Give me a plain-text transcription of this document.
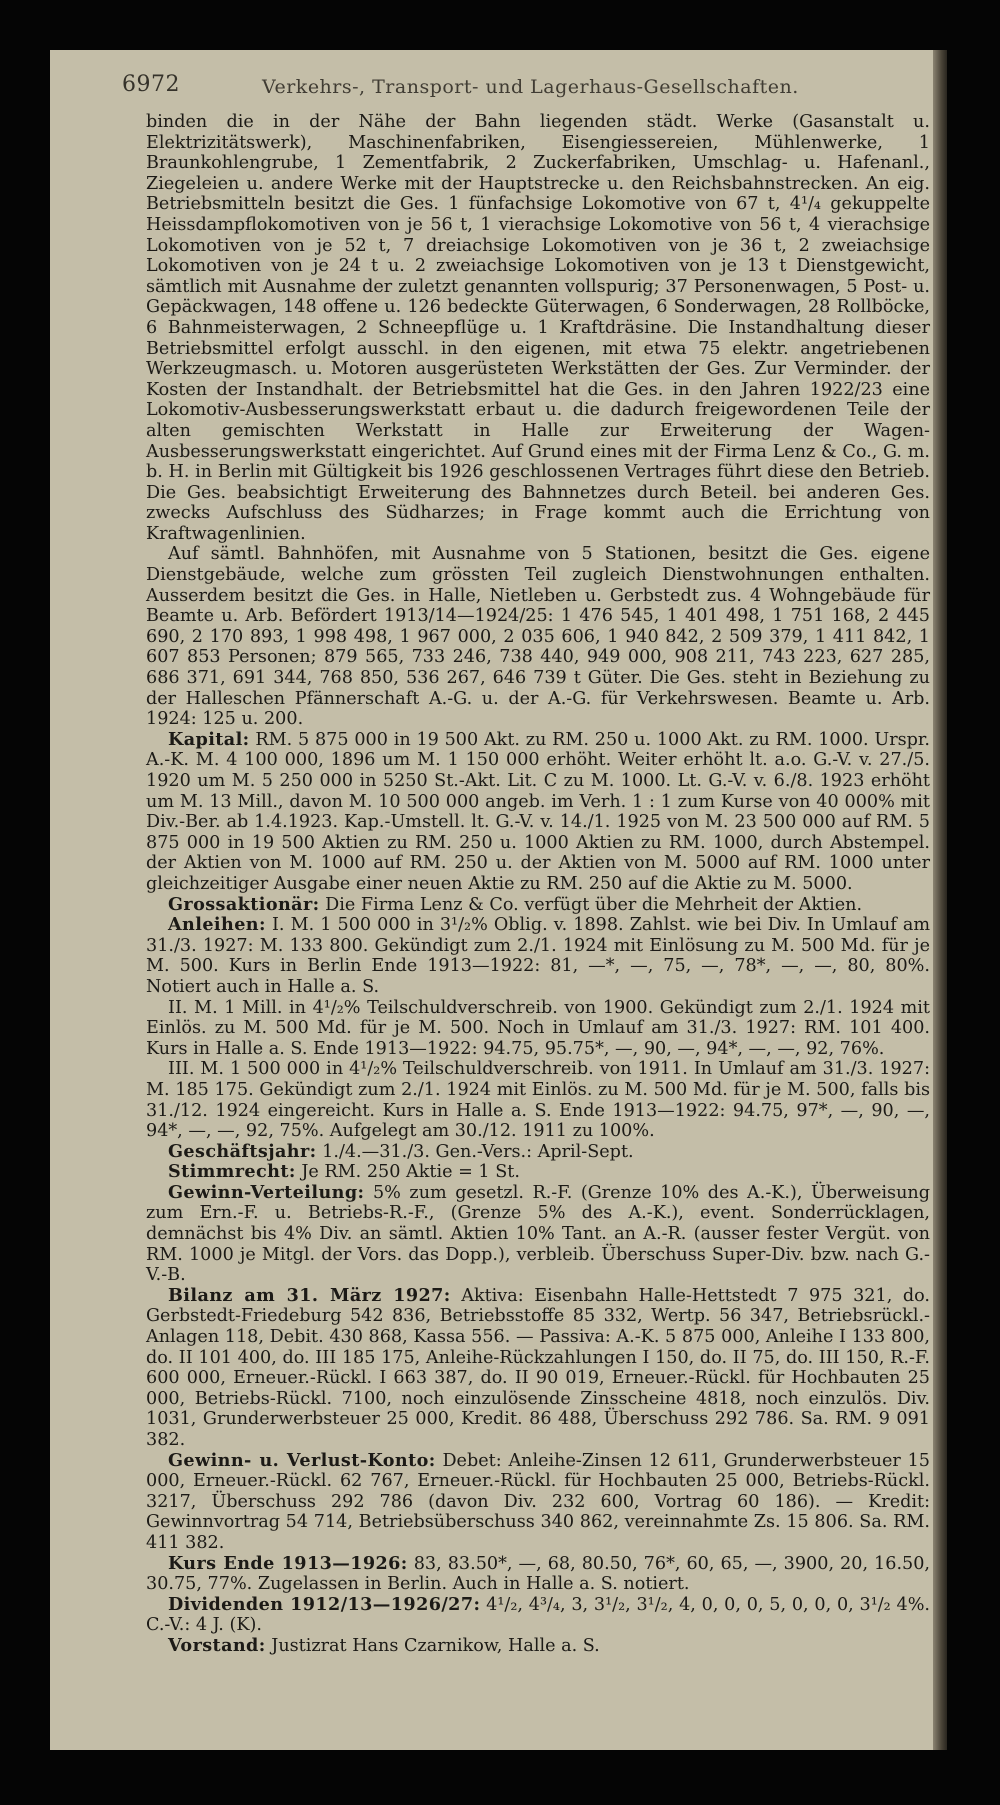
6972	Verkehrs-, Transport- und Lagerhaus-Gesellschaften.

binden die in der Nähe der Bahn liegenden städt. Werke (Gasanstalt u. Elektrizitätswerk), Maschinenfabriken, Eisengiessereien, Mühlenwerke, 1 Braunkohlengrube, 1 Zementfabrik, 2 Zuckerfabriken, Umschlag- u. Hafenanl., Ziegeleien u. andere Werke mit der Hauptstrecke u. den Reichsbahnstrecken. An eig. Betriebsmitteln besitzt die Ges. 1 fünfachsige Lokomotive von 67 t, 4¹/₄ gekuppelte Heissdampflokomotiven von je 56 t, 1 vierachsige Lokomotive von 56 t, 4 vierachsige Lokomotiven von je 52 t, 7 dreiachsige Lokomotiven von je 36 t, 2 zweiachsige Lokomotiven von je 24 t u. 2 zweiachsige Lokomotiven von je 13 t Dienstgewicht, sämtlich mit Ausnahme der zuletzt genannten vollspurig; 37 Personenwagen, 5 Post- u. Gepäckwagen, 148 offene u. 126 bedeckte Güterwagen, 6 Sonderwagen, 28 Rollböcke, 6 Bahnmeisterwagen, 2 Schneepflüge u. 1 Kraftdräsine. Die Instandhaltung dieser Betriebsmittel erfolgt ausschl. in den eigenen, mit etwa 75 elektr. angetriebenen Werkzeugmasch. u. Motoren ausgerüsteten Werkstätten der Ges. Zur Verminder. der Kosten der Instandhalt. der Betriebsmittel hat die Ges. in den Jahren 1922/23 eine Lokomotiv-Ausbesserungswerkstatt erbaut u. die dadurch freigewordenen Teile der alten gemischten Werkstatt in Halle zur Erweiterung der Wagen-Ausbesserungswerkstatt eingerichtet. Auf Grund eines mit der Firma Lenz & Co., G. m. b. H. in Berlin mit Gültigkeit bis 1926 geschlossenen Vertrages führt diese den Betrieb. Die Ges. beabsichtigt Erweiterung des Bahnnetzes durch Beteil. bei anderen Ges. zwecks Aufschluss des Südharzes; in Frage kommt auch die Errichtung von Kraftwagenlinien.

Auf sämtl. Bahnhöfen, mit Ausnahme von 5 Stationen, besitzt die Ges. eigene Dienstgebäude, welche zum grössten Teil zugleich Dienstwohnungen enthalten. Ausserdem besitzt die Ges. in Halle, Nietleben u. Gerbstedt zus. 4 Wohngebäude für Beamte u. Arb. Befördert 1913/14—1924/25: 1 476 545, 1 401 498, 1 751 168, 2 445 690, 2 170 893, 1 998 498, 1 967 000, 2 035 606, 1 940 842, 2 509 379, 1 411 842, 1 607 853 Personen; 879 565, 733 246, 738 440, 949 000, 908 211, 743 223, 627 285, 686 371, 691 344, 768 850, 536 267, 646 739 t Güter. Die Ges. steht in Beziehung zu der Halleschen Pfännerschaft A.-G. u. der A.-G. für Verkehrswesen. Beamte u. Arb. 1924: 125 u. 200.

Kapital: RM. 5 875 000 in 19 500 Akt. zu RM. 250 u. 1000 Akt. zu RM. 1000. Urspr. A.-K. M. 4 100 000, 1896 um M. 1 150 000 erhöht. Weiter erhöht lt. a.o. G.-V. v. 27./5. 1920 um M. 5 250 000 in 5250 St.-Akt. Lit. C zu M. 1000. Lt. G.-V. v. 6./8. 1923 erhöht um M. 13 Mill., davon M. 10 500 000 angeb. im Verh. 1 : 1 zum Kurse von 40 000% mit Div.-Ber. ab 1.4.1923. Kap.-Umstell. lt. G.-V. v. 14./1. 1925 von M. 23 500 000 auf RM. 5 875 000 in 19 500 Aktien zu RM. 250 u. 1000 Aktien zu RM. 1000, durch Abstempel. der Aktien von M. 1000 auf RM. 250 u. der Aktien von M. 5000 auf RM. 1000 unter gleichzeitiger Ausgabe einer neuen Aktie zu RM. 250 auf die Aktie zu M. 5000.

Grossaktionär: Die Firma Lenz & Co. verfügt über die Mehrheit der Aktien.

Anleihen: I. M. 1 500 000 in 3¹/₂% Oblig. v. 1898. Zahlst. wie bei Div. In Umlauf am 31./3. 1927: M. 133 800. Gekündigt zum 2./1. 1924 mit Einlösung zu M. 500 Md. für je M. 500. Kurs in Berlin Ende 1913—1922: 81, —*, —, 75, —, 78*, —, —, 80, 80%. Notiert auch in Halle a. S.

II. M. 1 Mill. in 4¹/₂% Teilschuldverschreib. von 1900. Gekündigt zum 2./1. 1924 mit Einlös. zu M. 500 Md. für je M. 500. Noch in Umlauf am 31./3. 1927: RM. 101 400. Kurs in Halle a. S. Ende 1913—1922: 94.75, 95.75*, —, 90, —, 94*, —, —, 92, 76%.

III. M. 1 500 000 in 4¹/₂% Teilschuldverschreib. von 1911. In Umlauf am 31./3. 1927: M. 185 175. Gekündigt zum 2./1. 1924 mit Einlös. zu M. 500 Md. für je M. 500, falls bis 31./12. 1924 eingereicht. Kurs in Halle a. S. Ende 1913—1922: 94.75, 97*, —, 90, —, 94*, —, —, 92, 75%. Aufgelegt am 30./12. 1911 zu 100%.

Geschäftsjahr: 1./4.—31./3. Gen.-Vers.: April-Sept.

Stimmrecht: Je RM. 250 Aktie = 1 St.

Gewinn-Verteilung: 5% zum gesetzl. R.-F. (Grenze 10% des A.-K.), Überweisung zum Ern.-F. u. Betriebs-R.-F., (Grenze 5% des A.-K.), event. Sonderrücklagen, demnächst bis 4% Div. an sämtl. Aktien 10% Tant. an A.-R. (ausser fester Vergüt. von RM. 1000 je Mitgl. der Vors. das Dopp.), verbleib. Überschuss Super-Div. bzw. nach G.-V.-B.

Bilanz am 31. März 1927: Aktiva: Eisenbahn Halle-Hettstedt 7 975 321, do. Gerbstedt-Friedeburg 542 836, Betriebsstoffe 85 332, Wertp. 56 347, Betriebsrückl.-Anlagen 118, Debit. 430 868, Kassa 556. — Passiva: A.-K. 5 875 000, Anleihe I 133 800, do. II 101 400, do. III 185 175, Anleihe-Rückzahlungen I 150, do. II 75, do. III 150, R.-F. 600 000, Erneuer.-Rückl. I 663 387, do. II 90 019, Erneuer.-Rückl. für Hochbauten 25 000, Betriebs-Rückl. 7100, noch einzulösende Zinsscheine 4818, noch einzulös. Div. 1031, Grunderwerbsteuer 25 000, Kredit. 86 488, Überschuss 292 786. Sa. RM. 9 091 382.

Gewinn- u. Verlust-Konto: Debet: Anleihe-Zinsen 12 611, Grunderwerbsteuer 15 000, Erneuer.-Rückl. 62 767, Erneuer.-Rückl. für Hochbauten 25 000, Betriebs-Rückl. 3217, Überschuss 292 786 (davon Div. 232 600, Vortrag 60 186). — Kredit: Gewinnvortrag 54 714, Betriebsüberschuss 340 862, vereinnahmte Zs. 15 806. Sa. RM. 411 382.

Kurs Ende 1913—1926: 83, 83.50*, —, 68, 80.50, 76*, 60, 65, —, 3900, 20, 16.50, 30.75, 77%. Zugelassen in Berlin. Auch in Halle a. S. notiert.

Dividenden 1912/13—1926/27: 4¹/₂, 4³/₄, 3, 3¹/₂, 3¹/₂, 4, 0, 0, 0, 5, 0, 0, 0, 3¹/₂ 4%. C.-V.: 4 J. (K).

Vorstand: Justizrat Hans Czarnikow, Halle a. S.
